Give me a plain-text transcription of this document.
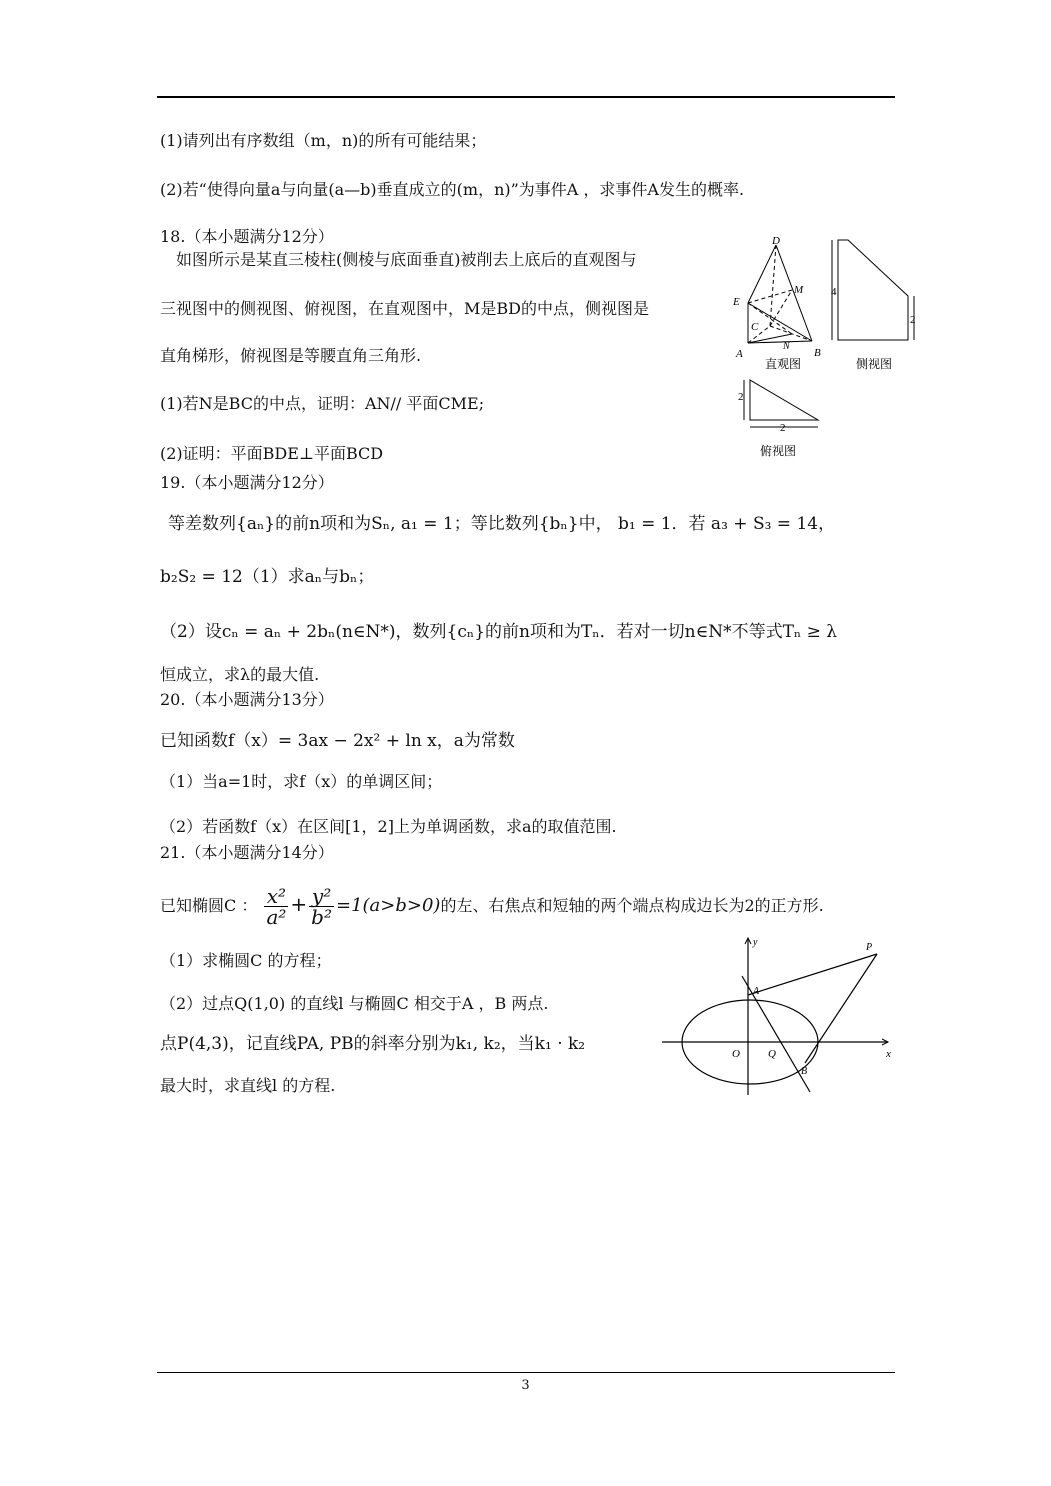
(1)请列出有序数组（m，n)的所有可能结果；
(2)若“使得向量a与向量(a—b)垂直成立的(m，n)”为事件A ，求事件A发生的概率.
18.（本小题满分12分）
如图所示是某直三棱柱(侧棱与底面垂直)被削去上底后的直观图与
三视图中的侧视图、俯视图，在直观图中，M是BD的中点，侧视图是
直角梯形，俯视图是等腰直角三角形.
(1)若N是BC的中点，证明：AN// 平面CME;
(2)证明：平面BDE⊥平面BCD
D
E
M
C
N
A	B
直观图
4
2
侧视图
2
2
俯视图
19.（本小题满分12分）
等差数列{aₙ}的前n项和为Sₙ, a₁ = 1；等比数列{bₙ}中， b₁ = 1．若 a₃ + S₃ = 14，
b₂S₂ = 12（1）求aₙ与bₙ；
（2）设cₙ = aₙ + 2bₙ(n∈N*)，数列{cₙ}的前n项和为Tₙ．若对一切n∈N*不等式Tₙ ≥ λ
恒成立，求λ的最大值.
20.（本小题满分13分）
已知函数f（x）= 3ax − 2x² + ln x，a为常数
（1）当a=1时，求f（x）的单调区间；
（2）若函数f（x）在区间[1，2]上为单调函数，求a的取值范围.
21.（本小题满分14分）
已知椭圆C ： $\frac{\text{x²}}{\text{a²}} + \frac{\text{y²}}{\text{b²}} =1(a>b>0)$的左、右焦点和短轴的两个端点构成边长为2的正方形.
（1）求椭圆C 的方程；
（2）过点Q(1,0) 的直线l 与椭圆C 相交于A ，B 两点.
点P(4,3)，记直线PA, PB的斜率分别为k₁, k₂，当k₁ · k₂
最大时，求直线l 的方程.
y
x
P
A
O	Q
B
3
